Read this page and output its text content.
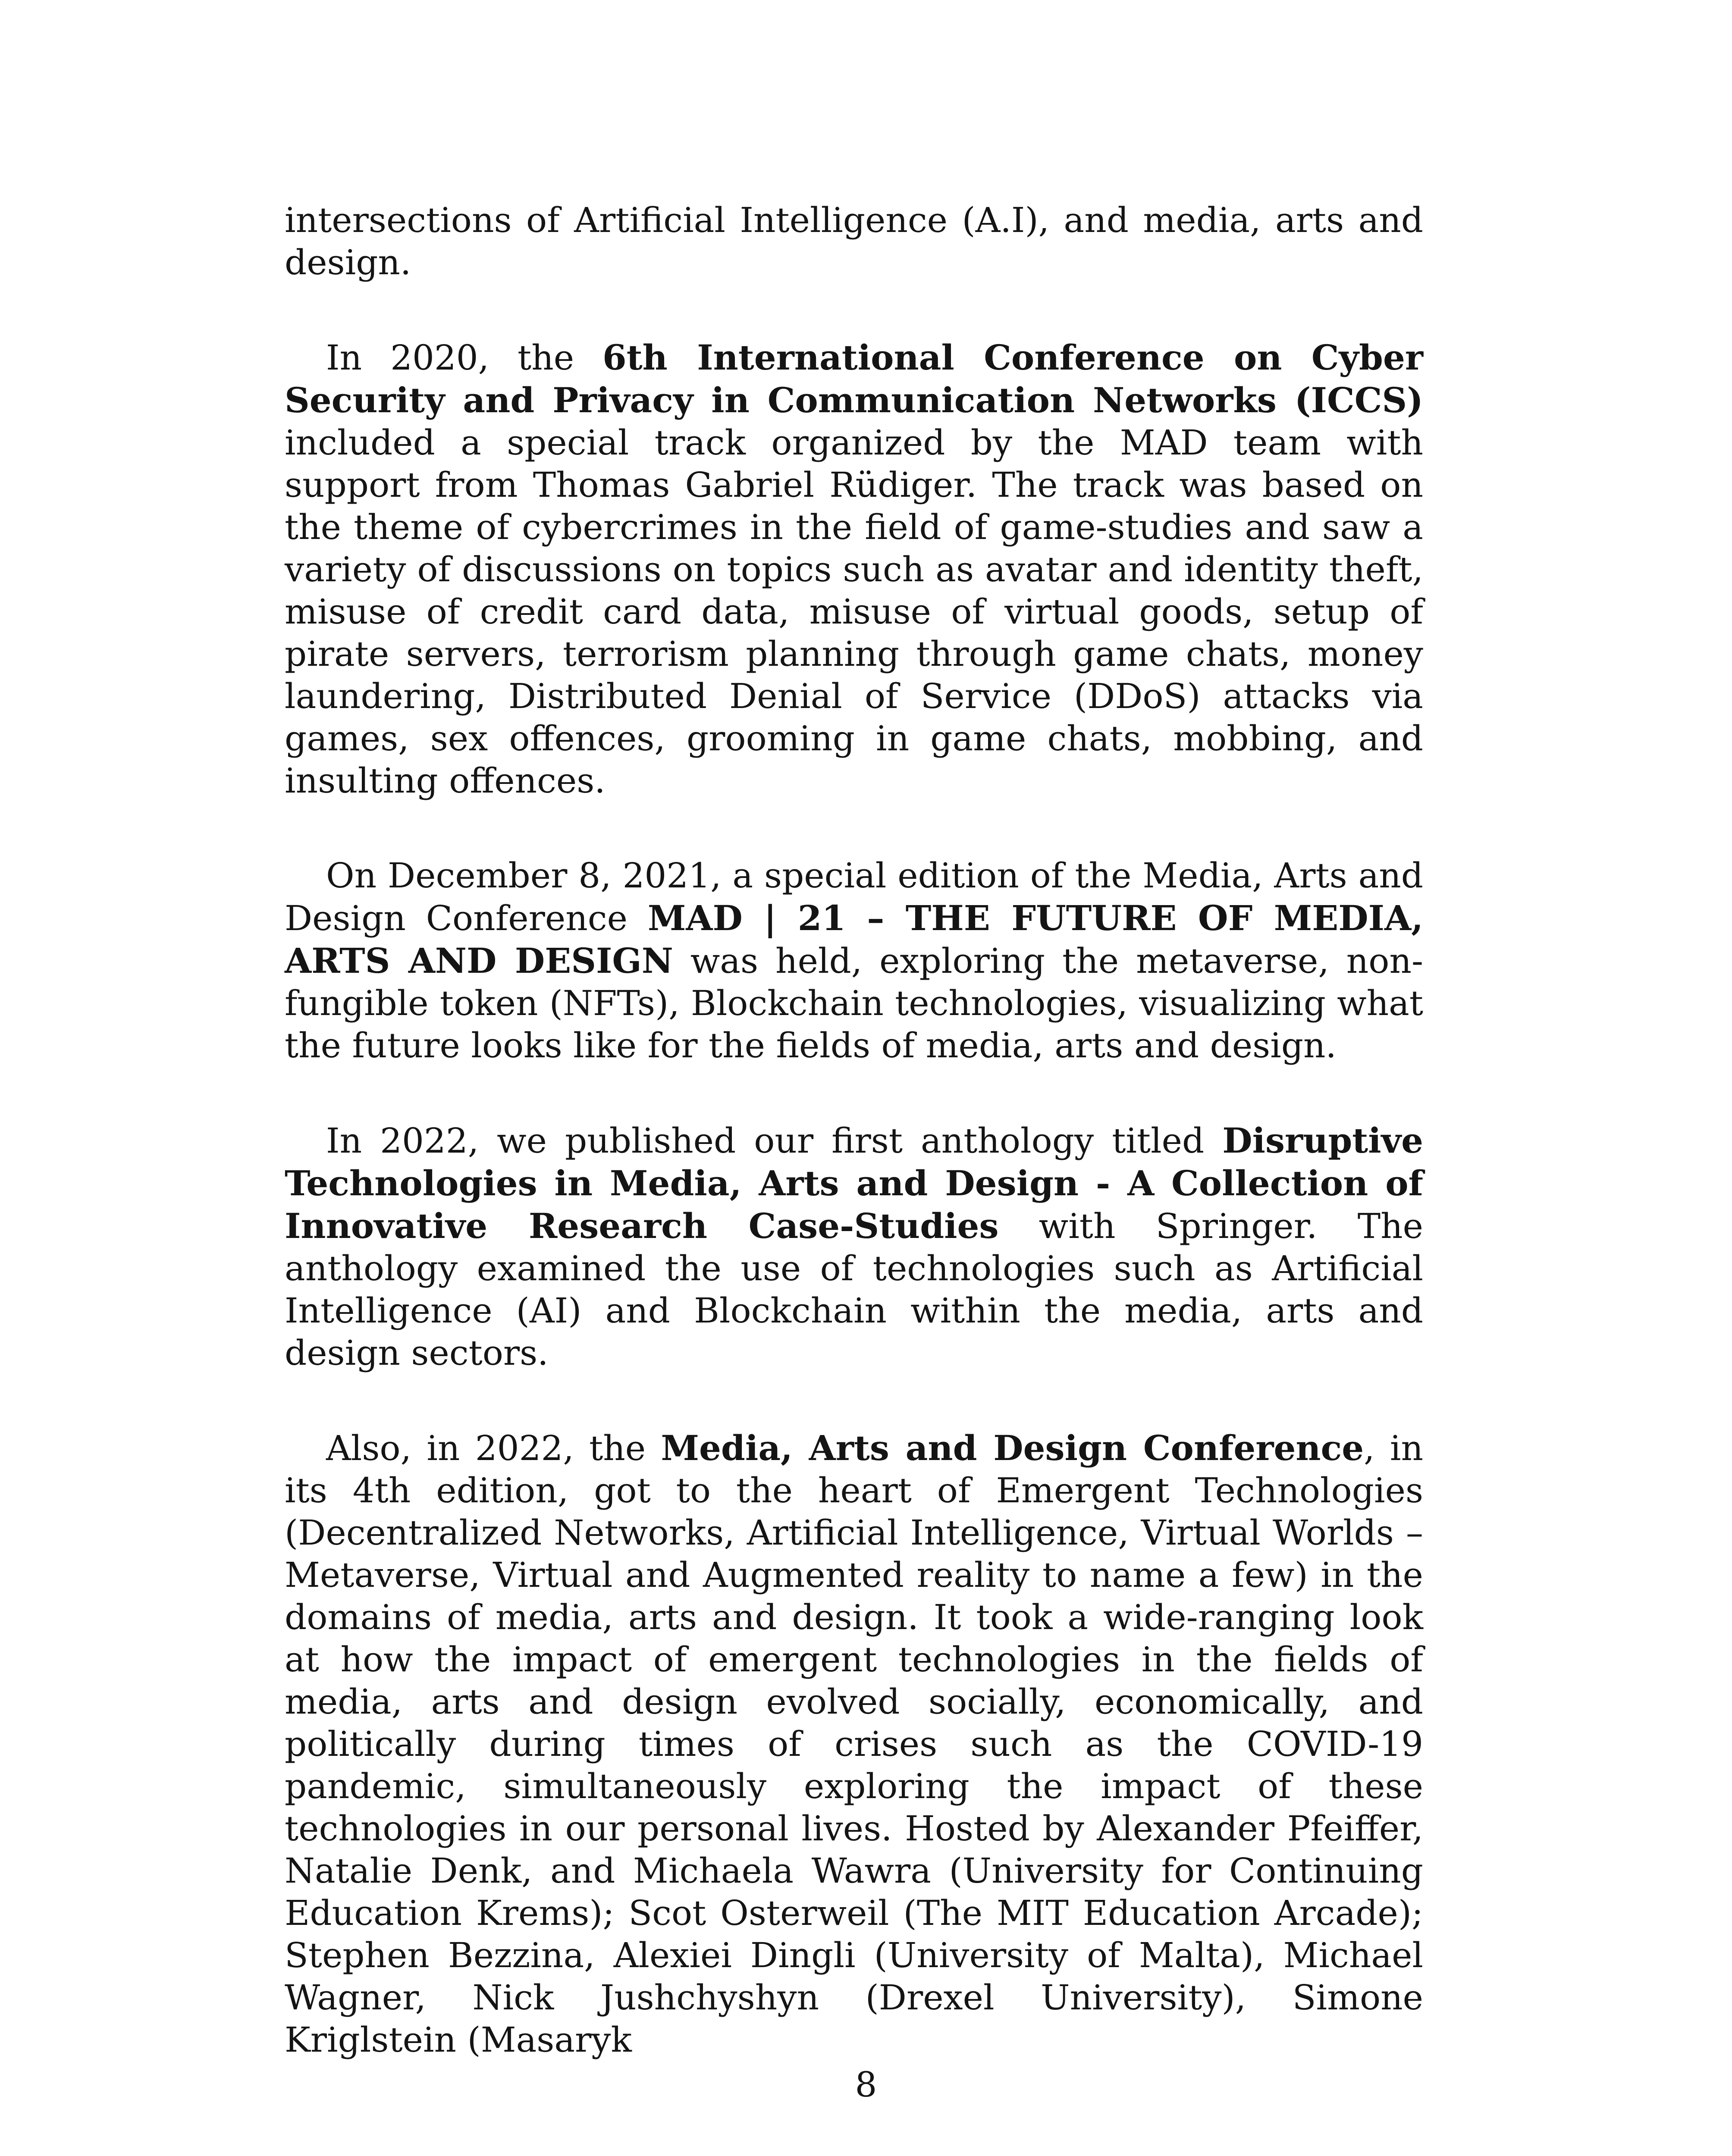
intersections of Artificial Intelligence (A.I), and media, arts and design.

In 2020, the 6th International Conference on Cyber Security and Privacy in Communication Networks (ICCS) included a special track organized by the MAD team with support from Thomas Gabriel Rüdiger. The track was based on the theme of cybercrimes in the field of game-studies and saw a variety of discussions on topics such as avatar and identity theft, misuse of credit card data, misuse of virtual goods, setup of pirate servers, terrorism planning through game chats, money laundering, Distributed Denial of Service (DDoS) attacks via games, sex offences, grooming in game chats, mobbing, and insulting offences.

On December 8, 2021, a special edition of the Media, Arts and Design Conference MAD | 21 – THE FUTURE OF MEDIA, ARTS AND DESIGN was held, exploring the metaverse, non-fungible token (NFTs), Blockchain technologies, visualizing what the future looks like for the fields of media, arts and design.

In 2022, we published our first anthology titled Disruptive Technologies in Media, Arts and Design - A Collection of Innovative Research Case-Studies with Springer. The anthology examined the use of technologies such as Artificial Intelligence (AI) and Blockchain within the media, arts and design sectors.

Also, in 2022, the Media, Arts and Design Conference, in its 4th edition, got to the heart of Emergent Technologies (Decentralized Networks, Artificial Intelligence, Virtual Worlds – Metaverse, Virtual and Augmented reality to name a few) in the domains of media, arts and design. It took a wide-ranging look at how the impact of emergent technologies in the fields of media, arts and design evolved socially, economically, and politically during times of crises such as the COVID-19 pandemic, simultaneously exploring the impact of these technologies in our personal lives. Hosted by Alexander Pfeiffer, Natalie Denk, and Michaela Wawra (University for Continuing Education Krems); Scot Osterweil (The MIT Education Arcade); Stephen Bezzina, Alexiei Dingli (University of Malta), Michael Wagner, Nick Jushchyshyn (Drexel University), Simone Kriglstein (Masaryk

8
